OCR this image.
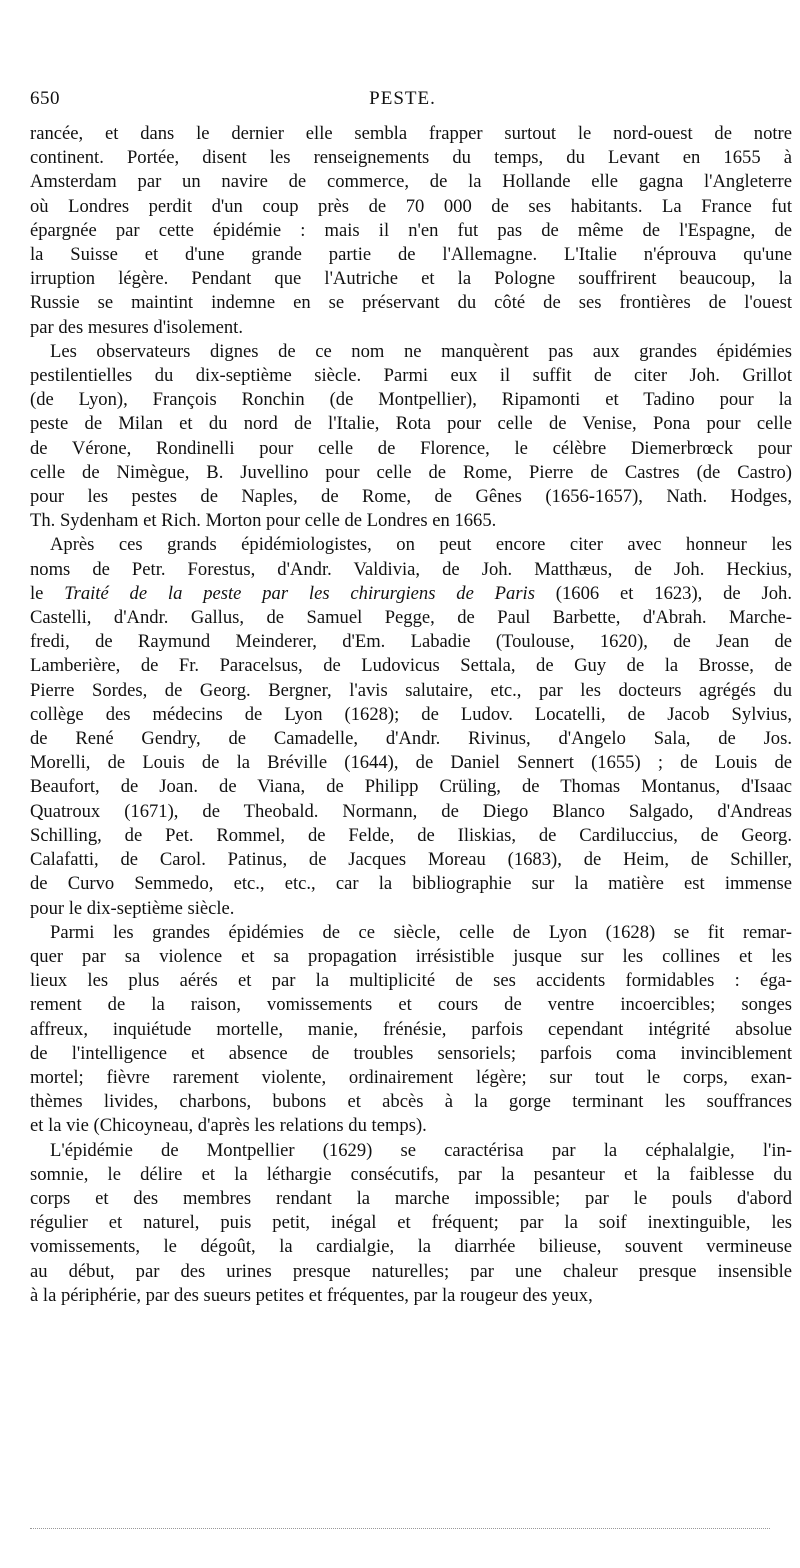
650	PESTE.
rancée, et dans le dernier elle sembla frapper surtout le nord-ouest de notre
continent. Portée, disent les renseignements du temps, du Levant en 1655 à
Amsterdam par un navire de commerce, de la Hollande elle gagna l'Angleterre
où Londres perdit d'un coup près de 70 000 de ses habitants. La France fut
épargnée par cette épidémie : mais il n'en fut pas de même de l'Espagne, de
la Suisse et d'une grande partie de l'Allemagne. L'Italie n'éprouva qu'une
irruption légère. Pendant que l'Autriche et la Pologne souffrirent beaucoup, la
Russie se maintint indemne en se préservant du côté de ses frontières de l'ouest
par des mesures d'isolement.
Les observateurs dignes de ce nom ne manquèrent pas aux grandes épidémies
pestilentielles du dix-septième siècle. Parmi eux il suffit de citer Joh. Grillot
(de Lyon), François Ronchin (de Montpellier), Ripamonti et Tadino pour la
peste de Milan et du nord de l'Italie, Rota pour celle de Venise, Pona pour celle
de Vérone, Rondinelli pour celle de Florence, le célèbre Diemerbrœck pour
celle de Nimègue, B. Juvellino pour celle de Rome, Pierre de Castres (de Castro)
pour les pestes de Naples, de Rome, de Gênes (1656-1657), Nath. Hodges,
Th. Sydenham et Rich. Morton pour celle de Londres en 1665.
Après ces grands épidémiologistes, on peut encore citer avec honneur les
noms de Petr. Forestus, d'Andr. Valdivia, de Joh. Matthæus, de Joh. Heckius,
le Traité de la peste par les chirurgiens de Paris (1606 et 1623), de Joh.
Castelli, d'Andr. Gallus, de Samuel Pegge, de Paul Barbette, d'Abrah. Marche-
fredi, de Raymund Meinderer, d'Em. Labadie (Toulouse, 1620), de Jean de
Lamberière, de Fr. Paracelsus, de Ludovicus Settala, de Guy de la Brosse, de
Pierre Sordes, de Georg. Bergner, l'avis salutaire, etc., par les docteurs agrégés du
collège des médecins de Lyon (1628); de Ludov. Locatelli, de Jacob Sylvius,
de René Gendry, de Camadelle, d'Andr. Rivinus, d'Angelo Sala, de Jos.
Morelli, de Louis de la Bréville (1644), de Daniel Sennert (1655) ; de Louis de
Beaufort, de Joan. de Viana, de Philipp Crüling, de Thomas Montanus, d'Isaac
Quatroux (1671), de Theobald. Normann, de Diego Blanco Salgado, d'Andreas
Schilling, de Pet. Rommel, de Felde, de Iliskias, de Cardiluccius, de Georg.
Calafatti, de Carol. Patinus, de Jacques Moreau (1683), de Heim, de Schiller,
de Curvo Semmedo, etc., etc., car la bibliographie sur la matière est immense
pour le dix-septième siècle.
Parmi les grandes épidémies de ce siècle, celle de Lyon (1628) se fit remar-
quer par sa violence et sa propagation irrésistible jusque sur les collines et les
lieux les plus aérés et par la multiplicité de ses accidents formidables : éga-
rement de la raison, vomissements et cours de ventre incoercibles; songes
affreux, inquiétude mortelle, manie, frénésie, parfois cependant intégrité absolue
de l'intelligence et absence de troubles sensoriels; parfois coma invinciblement
mortel; fièvre rarement violente, ordinairement légère; sur tout le corps, exan-
thèmes livides, charbons, bubons et abcès à la gorge terminant les souffrances
et la vie (Chicoyneau, d'après les relations du temps).
L'épidémie de Montpellier (1629) se caractérisa par la céphalalgie, l'in-
somnie, le délire et la léthargie consécutifs, par la pesanteur et la faiblesse du
corps et des membres rendant la marche impossible; par le pouls d'abord
régulier et naturel, puis petit, inégal et fréquent; par la soif inextinguible, les
vomissements, le dégoût, la cardialgie, la diarrhée bilieuse, souvent vermineuse
au début, par des urines presque naturelles; par une chaleur presque insensible
à la périphérie, par des sueurs petites et fréquentes, par la rougeur des yeux,
